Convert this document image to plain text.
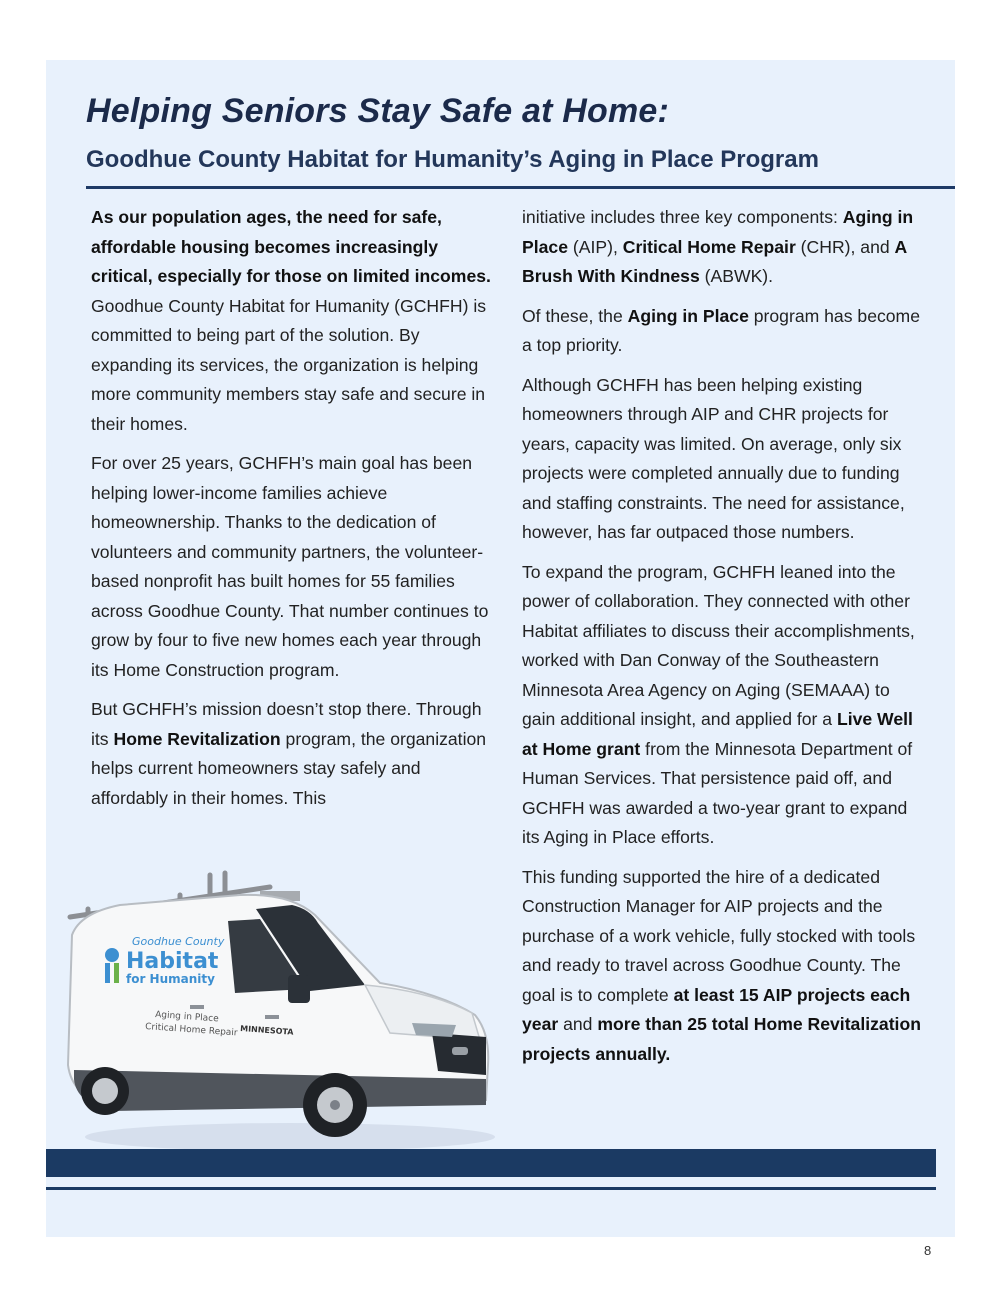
Helping Seniors Stay Safe at Home:
Goodhue County Habitat for Humanity’s Aging in Place Program

As our population ages, the need for safe, affordable housing becomes increasingly critical, especially for those on limited incomes. Goodhue County Habitat for Humanity (GCHFH) is committed to being part of the solution. By expanding its services, the organization is helping more community members stay safe and secure in their homes.

For over 25 years, GCHFH’s main goal has been helping lower-income families achieve homeownership. Thanks to the dedication of volunteers and community partners, the volunteer-based nonprofit has built homes for 55 families across Goodhue County. That number continues to grow by four to five new homes each year through its Home Construction program.

But GCHFH’s mission doesn’t stop there. Through its Home Revitalization program, the organization helps current homeowners stay safely and affordably in their homes. This

initiative includes three key components: Aging in Place (AIP), Critical Home Repair (CHR), and A Brush With Kindness (ABWK).

Of these, the Aging in Place program has become a top priority.

Although GCHFH has been helping existing homeowners through AIP and CHR projects for years, capacity was limited. On average, only six projects were completed annually due to funding and staffing constraints. The need for assistance, however, has far outpaced those numbers.

To expand the program, GCHFH leaned into the power of collaboration. They connected with other Habitat affiliates to discuss their accomplishments, worked with Dan Conway of the Southeastern Minnesota Area Agency on Aging (SEMAAA) to gain additional insight, and applied for a Live Well at Home grant from the Minnesota Department of Human Services. That persistence paid off, and GCHFH was awarded a two-year grant to expand its Aging in Place efforts.

This funding supported the hire of a dedicated Construction Manager for AIP projects and the purchase of a work vehicle, fully stocked with tools and ready to travel across Goodhue County. The goal is to complete at least 15 AIP projects each year and more than 25 total Home Revitalization projects annually.

Goodhue County
Habitat
for Humanity
Aging in Place
Critical Home Repair MINNESOTA
8
